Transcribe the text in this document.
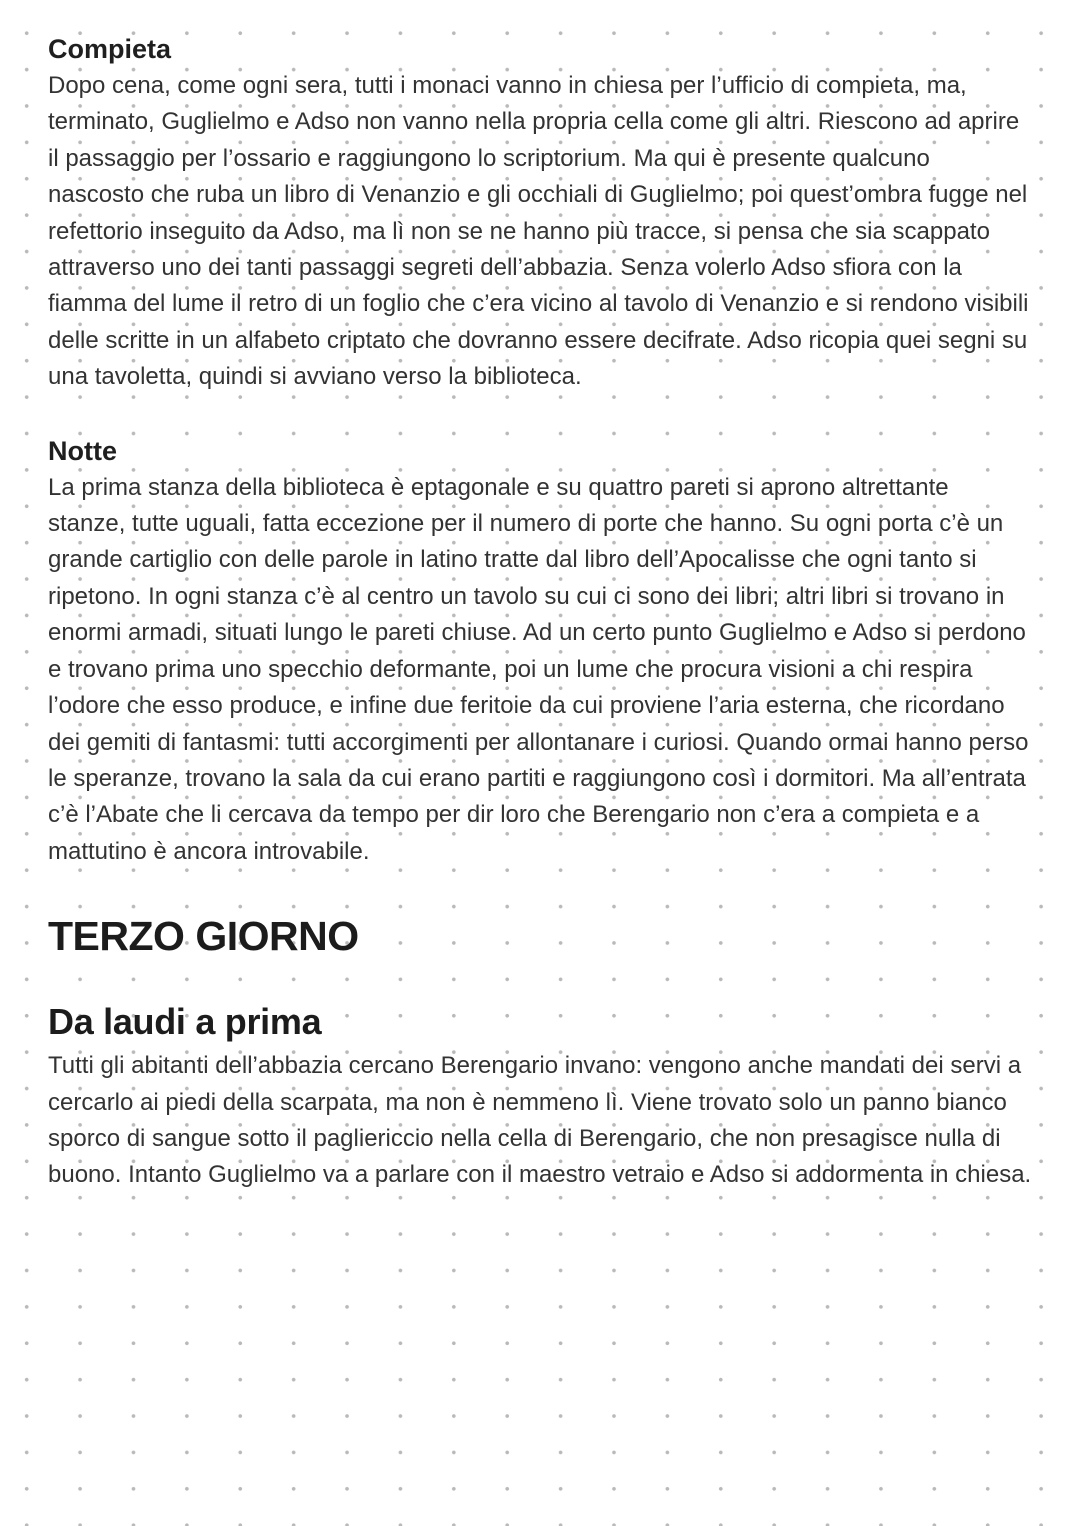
Compieta

Dopo cena, come ogni sera, tutti i monaci vanno in chiesa per l’ufficio di compieta, ma, terminato, Guglielmo e Adso non vanno nella propria cella come gli altri. Riescono ad aprire il passaggio per l’ossario e raggiungono lo scriptorium. Ma qui è presente qualcuno nascosto che ruba un libro di Venanzio e gli occhiali di Guglielmo; poi quest’ombra fugge nel refettorio inseguito da Adso, ma lì non se ne hanno più tracce, si pensa che sia scappato attraverso uno dei tanti passaggi segreti dell’abbazia. Senza volerlo Adso sfiora con la fiamma del lume il retro di un foglio che c’era vicino al tavolo di Venanzio e si rendono visibili delle scritte in un alfabeto criptato che dovranno essere decifrate. Adso ricopia quei segni su una tavoletta, quindi si avviano verso la biblioteca.

Notte

La prima stanza della biblioteca è eptagonale e su quattro pareti si aprono altrettante stanze, tutte uguali, fatta eccezione per il numero di porte che hanno. Su ogni porta c’è un grande cartiglio con delle parole in latino tratte dal libro dell’Apocalisse che ogni tanto si ripetono. In ogni stanza c’è al centro un tavolo su cui ci sono dei libri; altri libri si trovano in enormi armadi, situati lungo le pareti chiuse. Ad un certo punto Guglielmo e Adso si perdono e trovano prima uno specchio deformante, poi un lume che procura visioni a chi respira l’odore che esso produce, e infine due feritoie da cui proviene l’aria esterna, che ricordano dei gemiti di fantasmi: tutti accorgimenti per allontanare i curiosi. Quando ormai hanno perso le speranze, trovano la sala da cui erano partiti e raggiungono così i dormitori. Ma all’entrata c’è l’Abate che li cercava da tempo per dir loro che Berengario non c’era a compieta e a mattutino è ancora introvabile.

TERZO GIORNO
Da laudi a prima

Tutti gli abitanti dell’abbazia cercano Berengario invano: vengono anche mandati dei servi a cercarlo ai piedi della scarpata, ma non è nemmeno lì. Viene trovato solo un panno bianco sporco di sangue sotto il pagliericcio nella cella di Berengario, che non presagisce nulla di buono. Intanto Guglielmo va a parlare con il maestro vetraio e Adso si addormenta in chiesa.
